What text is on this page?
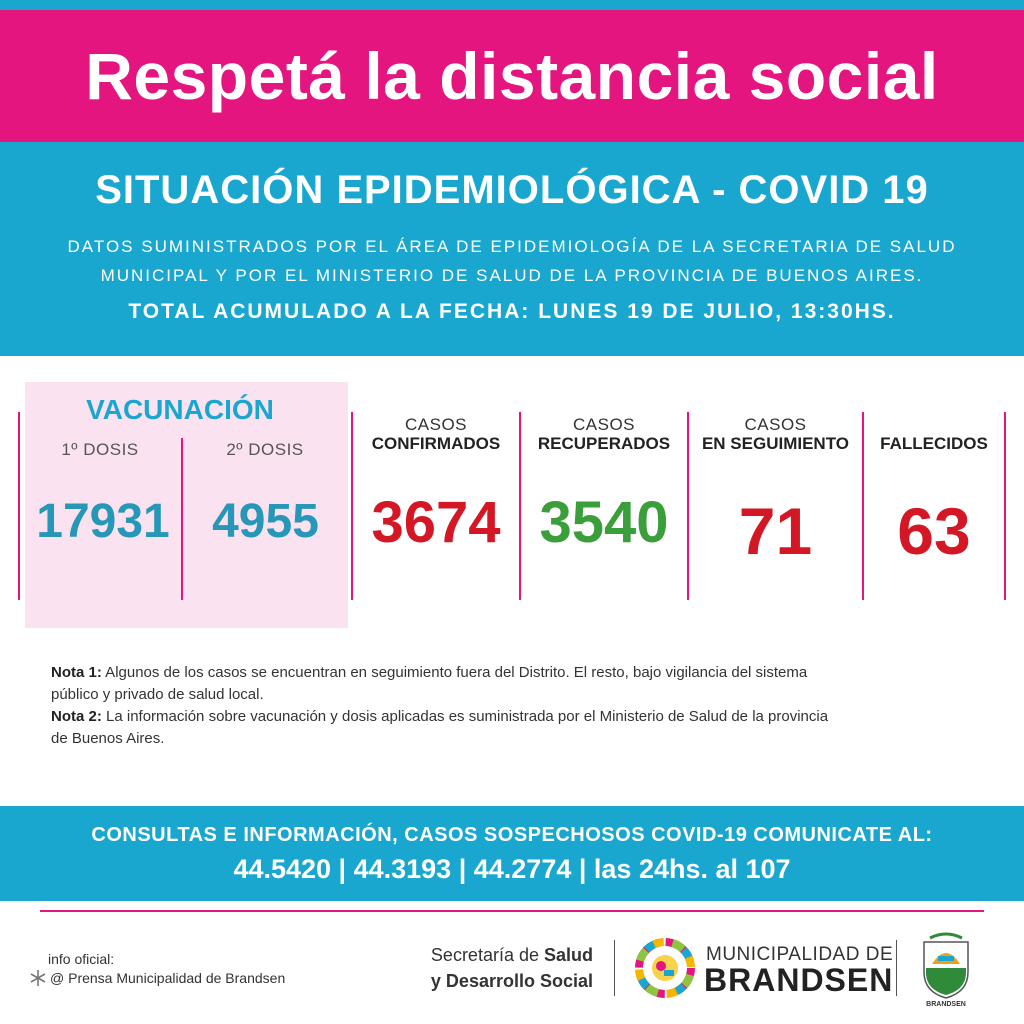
Respetá la distancia social
SITUACIÓN EPIDEMIOLÓGICA - COVID 19
DATOS SUMINISTRADOS POR EL ÁREA DE EPIDEMIOLOGÍA DE LA SECRETARIA DE SALUD
MUNICIPAL Y POR EL MINISTERIO DE SALUD DE LA PROVINCIA DE BUENOS AIRES.
TOTAL ACUMULADO A LA FECHA: LUNES 19 DE JULIO, 13:30HS.
VACUNACIÓN
1º DOSIS	2º DOSIS
17931 4955
CASOS
CONFIRMADOS
3674
CASOS
RECUPERADOS
3540
CASOS
EN SEGUIMIENTO
71
FALLECIDOS
63
Nota 1: Algunos de los casos se encuentran en seguimiento fuera del Distrito. El resto, bajo vigilancia del sistema público y privado de salud local.
Nota 2: La información sobre vacunación y dosis aplicadas es suministrada por el Ministerio de Salud de la provincia de Buenos Aires.
CONSULTAS E INFORMACIÓN, CASOS SOSPECHOSOS COVID-19 COMUNICATE AL:
44.5420 | 44.3193 | 44.2774 | las 24hs. al 107
info oficial:
@ Prensa Municipalidad de Brandsen
Secretaría de Salud
y Desarrollo Social
MUNICIPALIDAD DE
BRANDSEN
BRANDSEN
